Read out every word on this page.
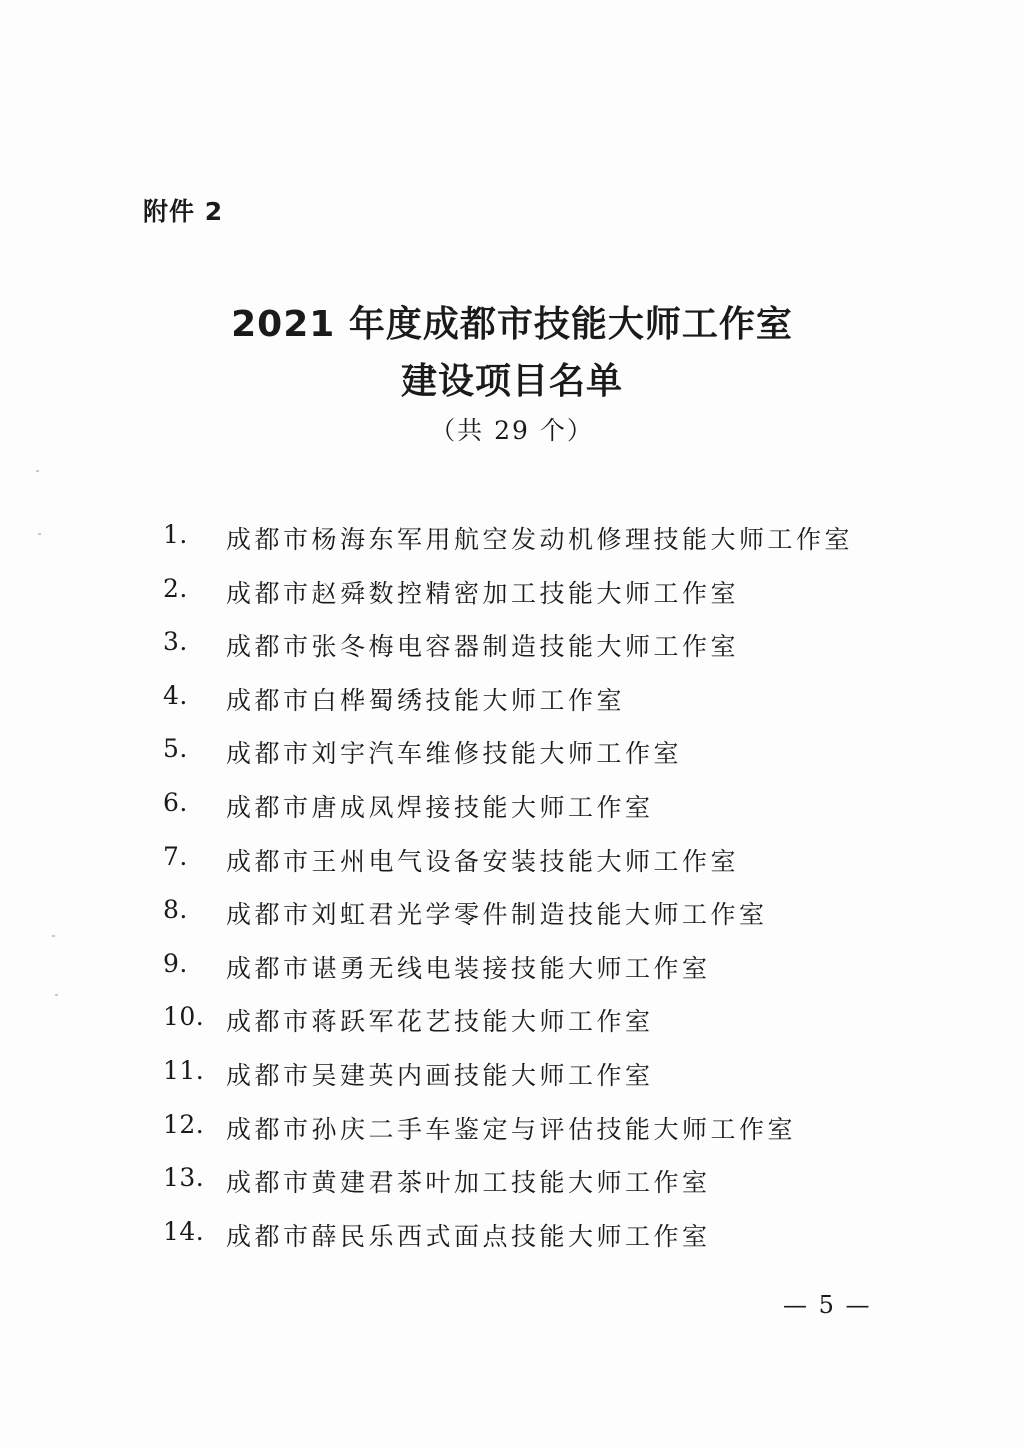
附件 2
2021 年度成都市技能大师工作室
建设项目名单
（共 29 个）
1. 成都市杨海东军用航空发动机修理技能大师工作室
2. 成都市赵舜数控精密加工技能大师工作室
3. 成都市张冬梅电容器制造技能大师工作室
4. 成都市白桦蜀绣技能大师工作室
5. 成都市刘宇汽车维修技能大师工作室
6. 成都市唐成凤焊接技能大师工作室
7. 成都市王州电气设备安装技能大师工作室
8. 成都市刘虹君光学零件制造技能大师工作室
9. 成都市谌勇无线电装接技能大师工作室
10. 成都市蒋跃军花艺技能大师工作室
11. 成都市吴建英内画技能大师工作室
12. 成都市孙庆二手车鉴定与评估技能大师工作室
13. 成都市黄建君茶叶加工技能大师工作室
14. 成都市薛民乐西式面点技能大师工作室
— 5 —
